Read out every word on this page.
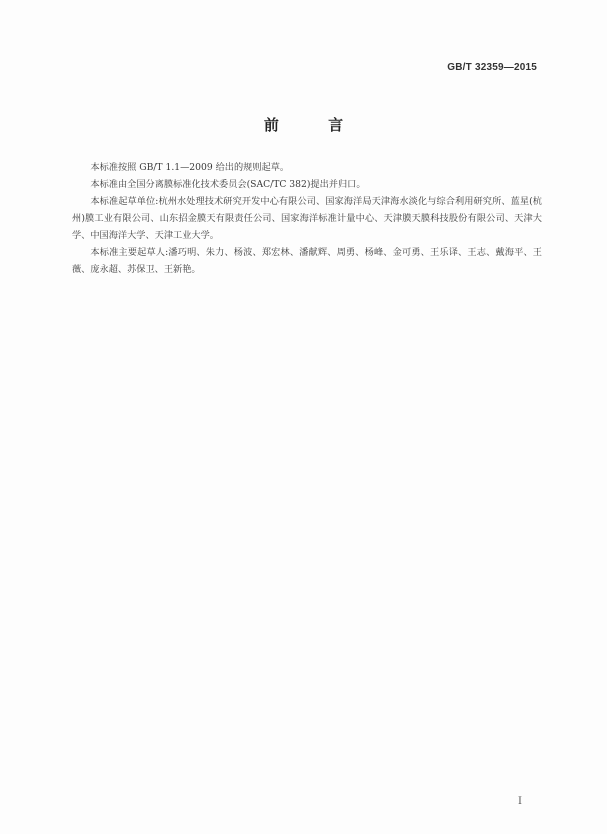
GB/T 32359—2015
前 言

本标准按照 GB/T 1.1—2009 给出的规则起草。

本标准由全国分离膜标准化技术委员会(SAC/TC 382)提出并归口。

本标准起草单位:杭州水处理技术研究开发中心有限公司、国家海洋局天津海水淡化与综合利用研究所、蓝星(杭州)膜工业有限公司、山东招金膜天有限责任公司、国家海洋标准计量中心、天津膜天膜科技股份有限公司、天津大学、中国海洋大学、天津工业大学。

本标准主要起草人:潘巧明、朱力、杨波、郑宏林、潘献辉、周勇、杨峰、金可勇、王乐译、王志、戴海平、王薇、庞永超、苏保卫、王新艳。

I
